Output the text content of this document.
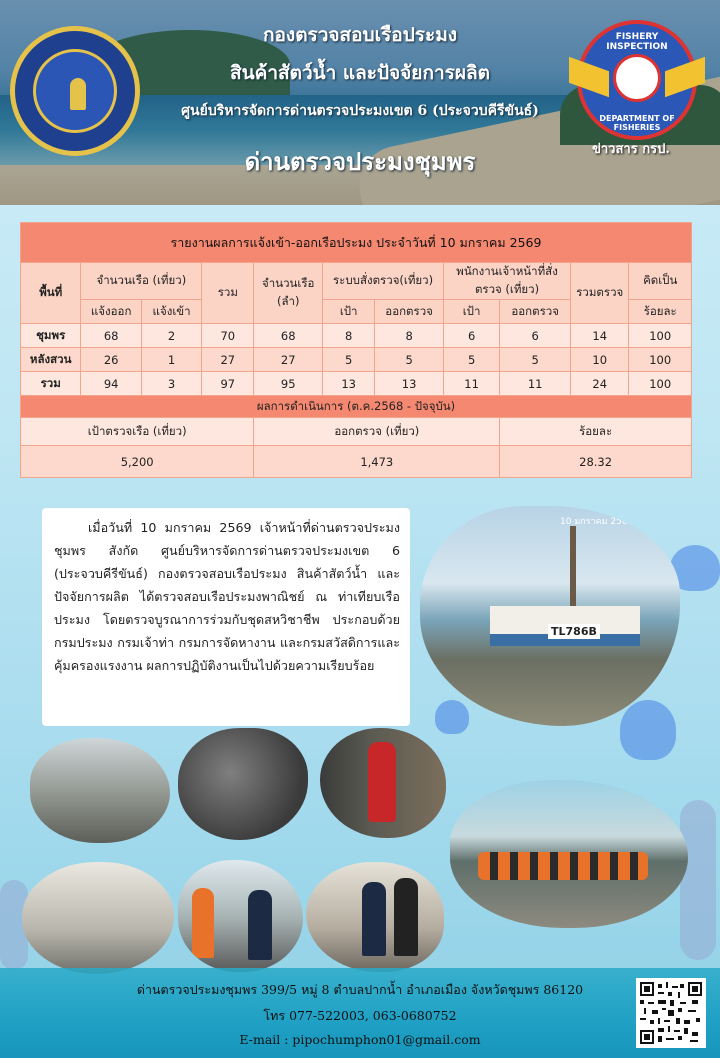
กองตรวจสอบเรือประมง
สินค้าสัตว์น้ำ และปัจจัยการผลิต
ศูนย์บริหารจัดการด่านตรวจประมงเขต 6 (ประจวบคีรีขันธ์)
ด่านตรวจประมงชุมพร
FISHERY INSPECTION
DEPARTMENT OF FISHERIES
ข่าวสาร กรป.
รายงานผลการแจ้งเข้า-ออกเรือประมง ประจำวันที่ 10 มกราคม 2569										
พื้นที่	จำนวนเรือ (เที่ยว)		รวม	จำนวนเรือ (ลำ)	ระบบสั่งตรวจ(เที่ยว)		พนักงานเจ้าหน้าที่สั่งตรวจ (เที่ยว)		รวมตรวจ	คิดเป็น
	แจ้งออก	แจ้งเข้า			เป้า	ออกตรวจ	เป้า	ออกตรวจ		ร้อยละ
ชุมพร	68	2	70	68	8	8	6	6	14	100
หลังสวน	26	1	27	27	5	5	5	5	10	100
รวม	94	3	97	95	13	13	11	11	24	100
ผลการดำเนินการ (ต.ค.2568 - ปัจจุบัน)										
เป้าตรวจเรือ (เที่ยว)				ออกตรวจ (เที่ยว)				ร้อยละ		
5,200				1,473				28.32		
เมื่อวันที่ 10 มกราคม 2569 เจ้าหน้าที่ด่านตรวจประมงชุมพร สังกัด ศูนย์บริหารจัดการด่านตรวจประมงเขต 6 (ประจวบคีรีขันธ์) กองตรวจสอบเรือประมง สินค้าสัตว์น้ำ และปัจจัยการผลิต ได้ตรวจสอบเรือประมงพาณิชย์ ณ ท่าเทียบเรือประมง โดยตรวจบูรณาการร่วมกับชุดสหวิชาชีพ ประกอบด้วย กรมประมง กรมเจ้าท่า กรมการจัดหางาน และกรมสวัสดิการและคุ้มครองแรงงาน ผลการปฏิบัติงานเป็นไปด้วยความเรียบร้อย
TL786B
10 มกราคม 2569
ด่านตรวจประมงชุมพร 399/5 หมู่ 8 ตำบลปากน้ำ อำเภอเมือง จังหวัดชุมพร 86120
โทร 077-522003, 063-0680752
E-mail : pipochumphon01@gmail.com
